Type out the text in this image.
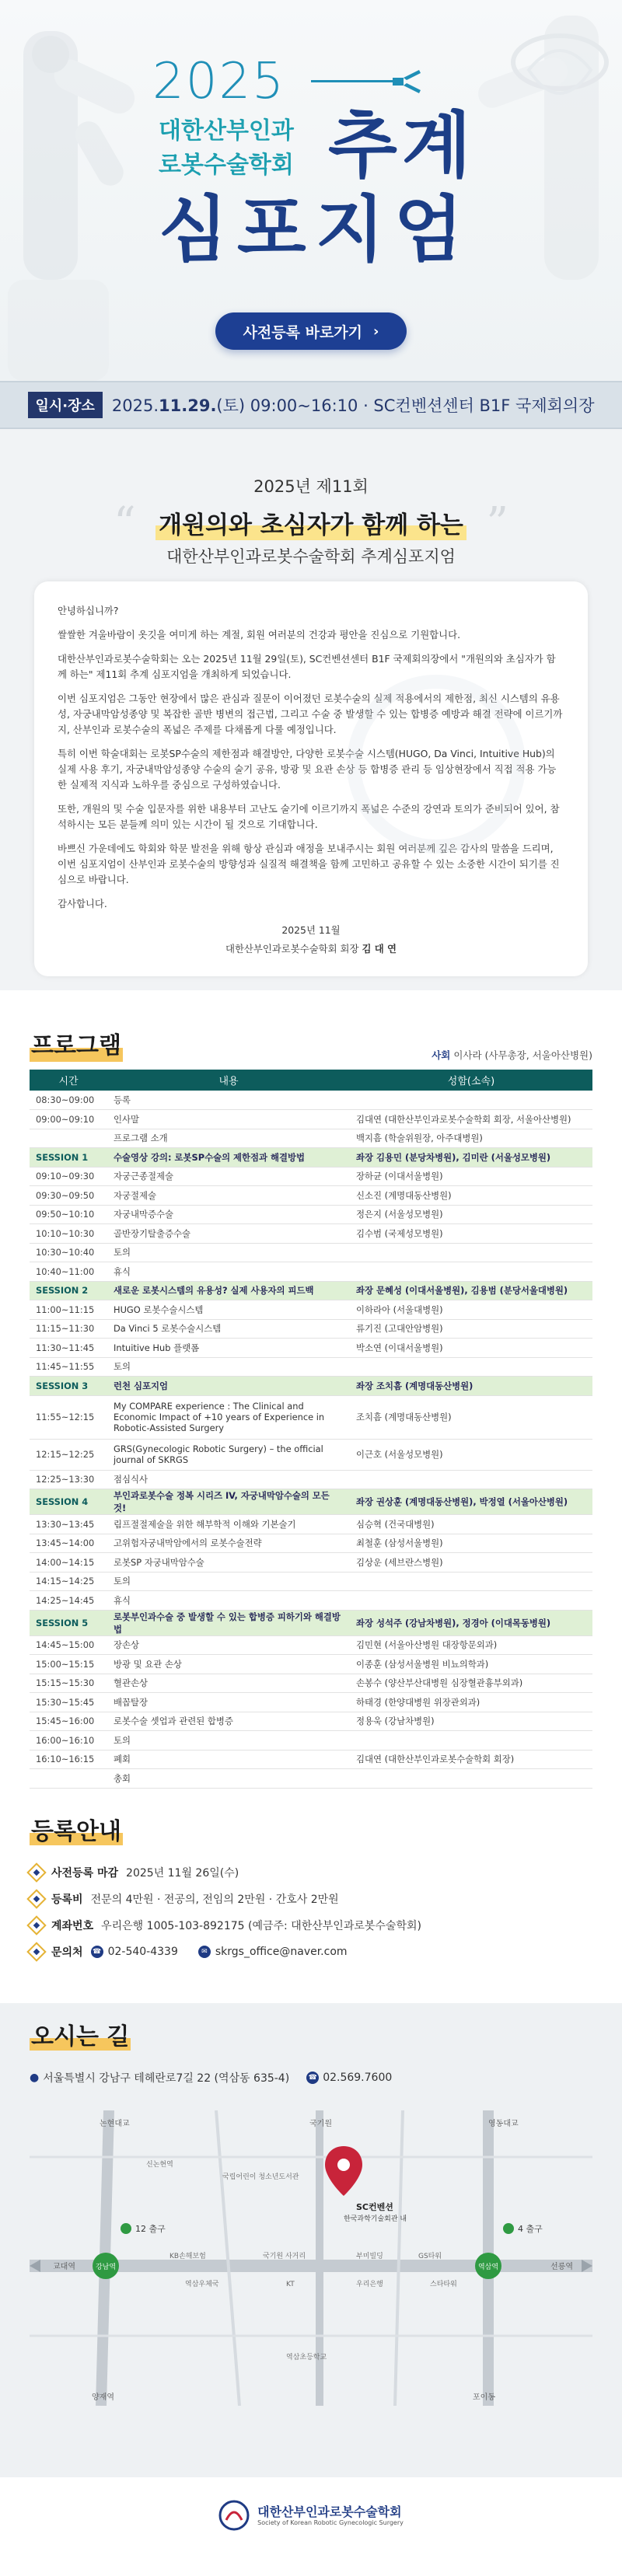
2025
대한산부인과
로봇수술학회 추계
심포지엄
사전등록 바로가기 ›
일시·장소	2025.11.29.(토) 09:00~16:10 · SC컨벤션센터 B1F 국제회의장
2025년 제11회
“ 개원의와 초심자가 함께 하는 ”
대한산부인과로봇수술학회 추계심포지엄

안녕하십니까?

쌀쌀한 겨울바람이 옷깃을 여미게 하는 계절, 회원 여러분의 건강과 평안을 진심으로 기원합니다.

대한산부인과로봇수술학회는 오는 2025년 11월 29일(토), SC컨벤션센터 B1F 국제회의장에서 "개원의와 초심자가 함께 하는" 제11회 추계 심포지엄을 개최하게 되었습니다.

이번 심포지엄은 그동안 현장에서 많은 관심과 질문이 이어졌던 로봇수술의 실제 적용에서의 제한점, 최신 시스템의 유용성, 자궁내막암성종양 및 복잡한 골반 병변의 접근법, 그리고 수술 중 발생할 수 있는 합병증 예방과 해결 전략에 이르기까지, 산부인과 로봇수술의 폭넓은 주제를 다채롭게 다룰 예정입니다.

특히 이번 학술대회는 로봇SP수술의 제한점과 해결방안, 다양한 로봇수술 시스템(HUGO, Da Vinci, Intuitive Hub)의 실제 사용 후기, 자궁내막암성종양 수술의 술기 공유, 방광 및 요관 손상 등 합병증 관리 등 임상현장에서 직접 적용 가능한 실제적 지식과 노하우를 중심으로 구성하였습니다.

또한, 개원의 및 수술 입문자를 위한 내용부터 고난도 술기에 이르기까지 폭넓은 수준의 강연과 토의가 준비되어 있어, 참석하시는 모든 분들께 의미 있는 시간이 될 것으로 기대합니다.

바쁘신 가운데에도 학회와 학문 발전을 위해 항상 관심과 애정을 보내주시는 회원 여러분께 깊은 감사의 말씀을 드리며, 이번 심포지엄이 산부인과 로봇수술의 방향성과 실질적 해결책을 함께 고민하고 공유할 수 있는 소중한 시간이 되기를 진심으로 바랍니다.

감사합니다.

2025년 11월
대한산부인과로봇수술학회 회장 김 대 연
프로그램	사회 이사라 (사무총장, 서울아산병원)
시간	내용	성함(소속)
08:30~09:00	등록	
09:00~09:10	인사말	김대연 (대한산부인과로봇수술학회 회장, 서울아산병원)
	프로그램 소개	백지흠 (학술위원장, 아주대병원)
SESSION 1	수술영상 강의: 로봇SP수술의 제한점과 해결방법	좌장 김용민 (분당차병원), 김미란 (서울성모병원)
09:10~09:30	자궁근종절제술	장하균 (이대서울병원)
09:30~09:50	자궁절제술	신소진 (계명대동산병원)
09:50~10:10	자궁내막증수술	정은지 (서울성모병원)
10:10~10:30	골반장기탈출증수술	김수범 (국제성모병원)
10:30~10:40	토의	
10:40~11:00	휴식	
SESSION 2	새로운 로봇시스템의 유용성? 실제 사용자의 피드백	좌장 문혜성 (이대서울병원), 김용범 (분당서울대병원)
11:00~11:15	HUGO 로봇수술시스템	이하라아 (서울대병원)
11:15~11:30	Da Vinci 5 로봇수술시스템	류기진 (고대안암병원)
11:30~11:45	Intuitive Hub 플랫폼	박소연 (이대서울병원)
11:45~11:55	토의	
SESSION 3	런천 심포지엄	좌장 조치흠 (계명대동산병원)
11:55~12:15	My COMPARE experience : The Clinical and Economic Impact of +10 years of Experience in Robotic-Assisted Surgery	조치흠 (계명대동산병원)
12:15~12:25	GRS(Gynecologic Robotic Surgery) – the official journal of SKRGS	이근호 (서울성모병원)
12:25~13:30	점심식사	
SESSION 4	부인과로봇수술 정복 시리즈 IV, 자궁내막암수술의 모든 것!	좌장 권상훈 (계명대동산병원), 박정열 (서울아산병원)
13:30~13:45	림프절절제술을 위한 해부학적 이해와 기본술기	심승혁 (건국대병원)
13:45~14:00	고위험자궁내막암에서의 로봇수술전략	최철훈 (삼성서울병원)
14:00~14:15	로봇SP 자궁내막암수술	김상운 (세브란스병원)
14:15~14:25	토의	
14:25~14:45	휴식	
SESSION 5	로봇부인과수술 중 발생할 수 있는 합병증 피하기와 해결방법	좌장 성석주 (강남차병원), 정경아 (이대목동병원)
14:45~15:00	장손상	김민현 (서울아산병원 대장항문외과)
15:00~15:15	방광 및 요관 손상	이종훈 (삼성서울병원 비뇨의학과)
15:15~15:30	혈관손상	손봉수 (양산부산대병원 심장혈관흉부외과)
15:30~15:45	배꼽탈장	하태경 (한양대병원 위장관외과)
15:45~16:00	로봇수술 셋업과 관련된 합병증	정용욱 (강남차병원)
16:00~16:10	토의	
16:10~16:15	폐회	김대연 (대한산부인과로봇수술학회 회장)
	총회	
등록안내
사전등록 마감 2025년 11월 26일(수)
등록비 전문의 4만원 · 전공의, 전임의 2만원 · 간호사 2만원
계좌번호 우리은행 1005-103-892175 (예금주: 대한산부인과로봇수술학회)
문의처 ☎ 02-540-4339	✉ skrgs_office@naver.com
오시는 길
● 서울특별시 강남구 테헤란로7길 22 (역삼동 635-4)	☎ 02.569.7600
강남역	역삼역
12 출구	4 출구
SC컨벤션
한국과학기술회관 내
교대역	선릉역
논현대교	국기원	영동대교
신논현역
국립어린이 청소년도서관
KB손해보험	국기원 사거리	부미빌딩	GS타워
역삼우체국	KT	우리은행	스타타워
역삼초등학교
양재역	포이동
대한산부인과로봇수술학회
Society of Korean Robotic Gynecologic Surgery
